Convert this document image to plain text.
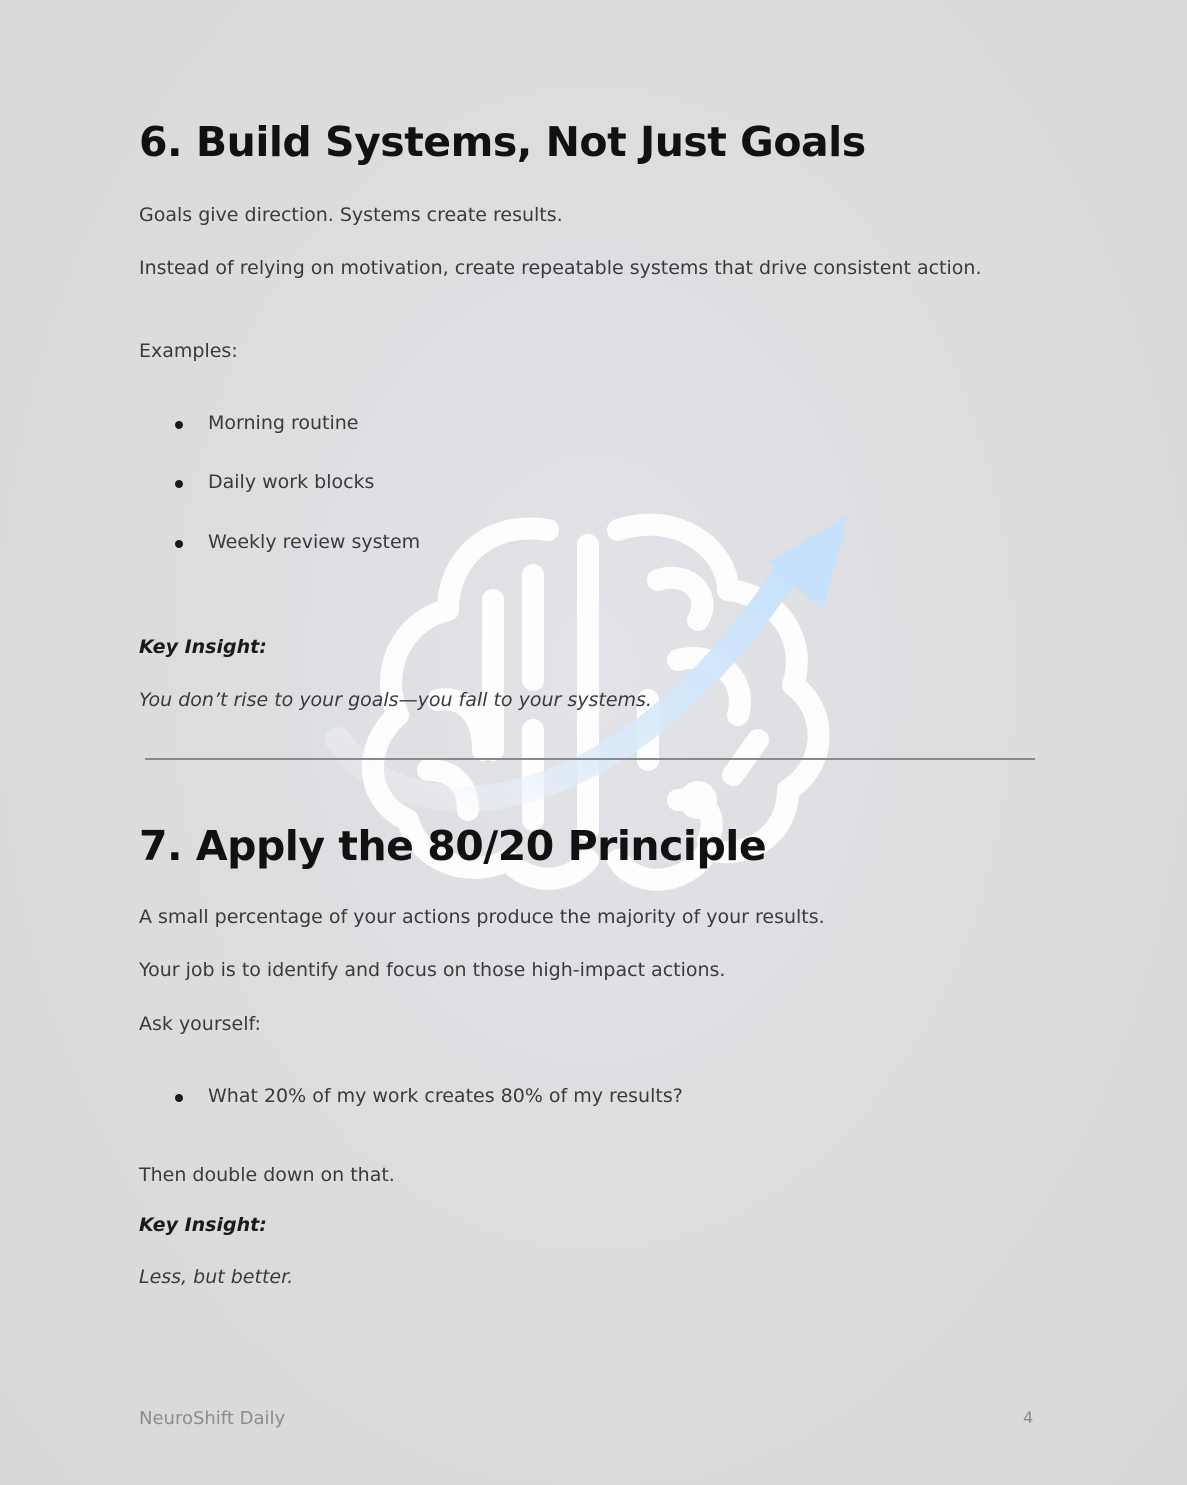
6. Build Systems, Not Just Goals

Goals give direction. Systems create results.

Instead of relying on motivation, create repeatable systems that drive consistent action.

Examples:

Morning routine
Daily work blocks
Weekly review system

Key Insight:

You don’t rise to your goals—you fall to your systems.

7. Apply the 80/20 Principle

A small percentage of your actions produce the majority of your results.

Your job is to identify and focus on those high-impact actions.

Ask yourself:

What 20% of my work creates 80% of my results?

Then double down on that.

Key Insight:

Less, but better.

NeuroShift Daily	4
